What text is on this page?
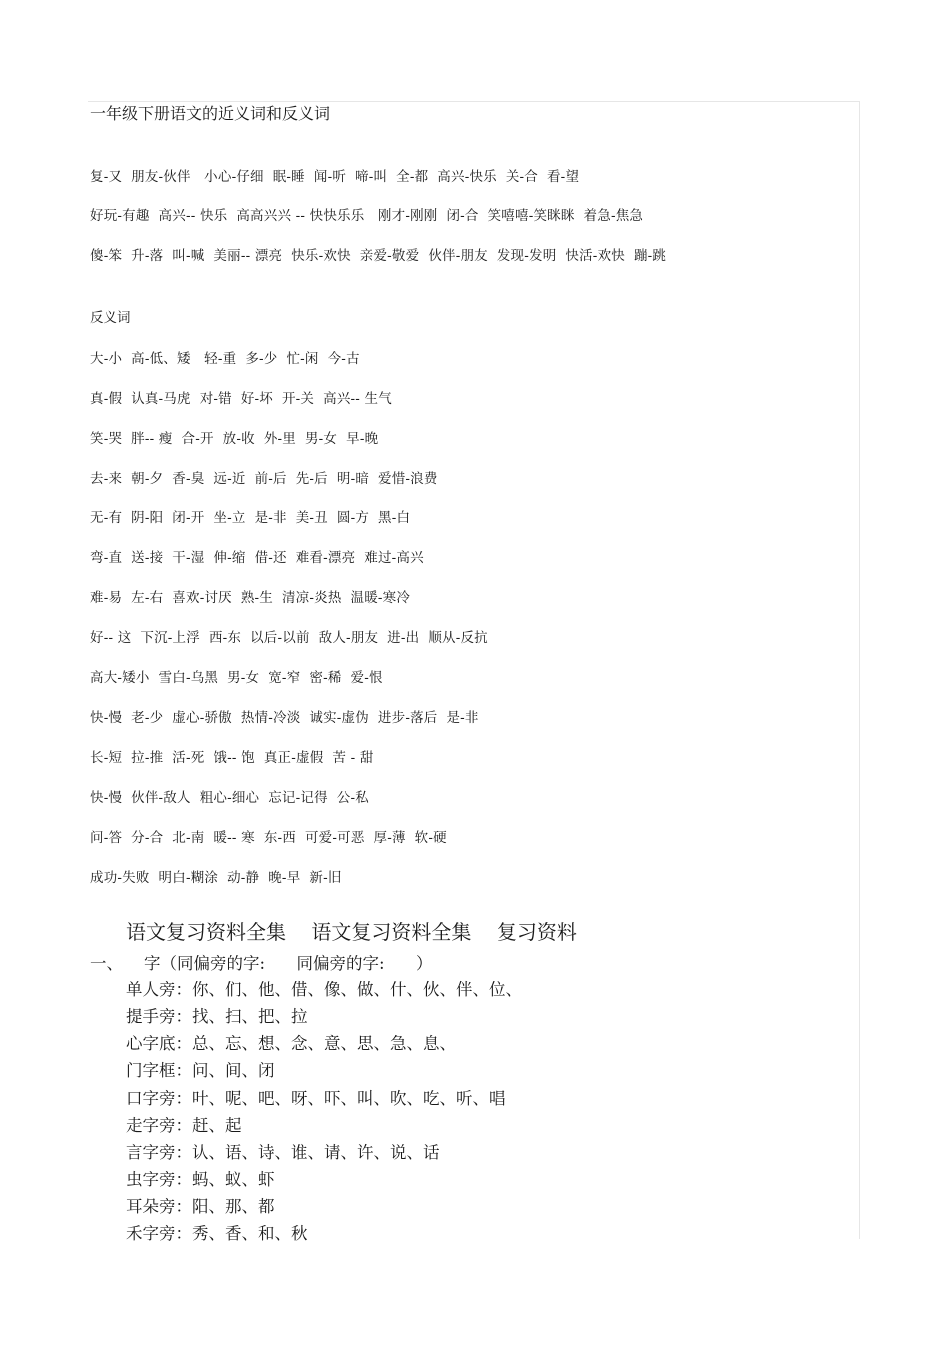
一年级下册语文的近义词和反义词
复-又  朋友-伙伴   小心-仔细  眠-睡  闻-听  啼-叫  全-都  高兴-快乐  关-合  看-望
好玩-有趣  高兴-- 快乐  高高兴兴 -- 快快乐乐   刚才-刚刚  闭-合  笑嘻嘻-笑眯眯  着急-焦急
傻-笨  升-落  叫-喊  美丽-- 漂亮  快乐-欢快  亲爱-敬爱  伙伴-朋友  发现-发明  快活-欢快  蹦-跳
反义词
大-小  高-低、矮   轻-重  多-少  忙-闲  今-古
真-假  认真-马虎  对-错  好-坏  开-关  高兴-- 生气
笑-哭  胖-- 瘦  合-开  放-收  外-里  男-女  早-晚
去-来  朝-夕  香-臭  远-近  前-后  先-后  明-暗  爱惜-浪费
无-有  阴-阳  闭-开  坐-立  是-非  美-丑  圆-方  黑-白
弯-直  送-接  干-湿  伸-缩  借-还  难看-漂亮  难过-高兴
难-易  左-右  喜欢-讨厌  熟-生  清凉-炎热  温暖-寒冷
好-- 这  下沉-上浮  西-东  以后-以前  敌人-朋友  进-出  顺从-反抗
高大-矮小  雪白-乌黑  男-女  宽-窄  密-稀  爱-恨
快-慢  老-少  虚心-骄傲  热情-冷淡  诚实-虚伪  进步-落后  是-非
长-短  拉-推  活-死  饿-- 饱  真正-虚假  苦 - 甜
快-慢  伙伴-敌人  粗心-细心  忘记-记得  公-私
问-答  分-合  北-南  暖-- 寒  东-西  可爱-可恶  厚-薄  软-硬
成功-失败  明白-糊涂  动-静  晚-早  新-旧
语文复习资料全集    语文复习资料全集    复习资料
一、    字（同偏旁的字:      同偏旁的字:      ）
单人旁：你、们、他、借、像、做、什、伙、伴、位、
提手旁：找、扫、把、拉
心字底：总、忘、想、念、意、思、急、息、
门字框：问、间、闭
口字旁：叶、呢、吧、呀、吓、叫、吹、吃、听、唱
走字旁：赶、起
言字旁：认、语、诗、谁、请、许、说、话
虫字旁：蚂、蚁、虾
耳朵旁：阳、那、都
禾字旁：秀、香、和、秋
